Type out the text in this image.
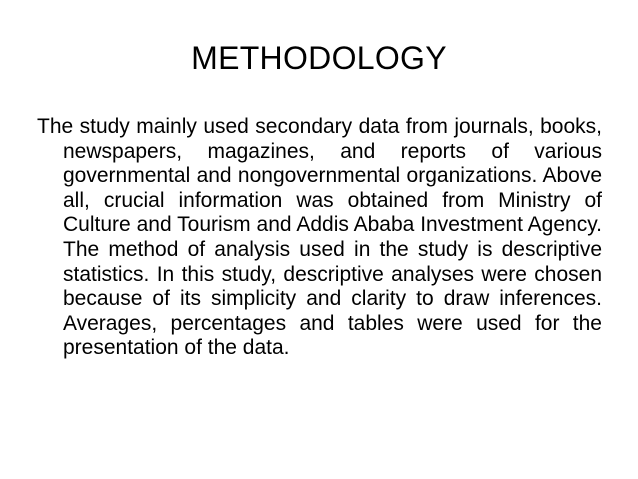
METHODOLOGY

The study mainly used secondary data from journals, books, newspapers, magazines, and reports of various governmental and nongovernmental organizations. Above all, crucial information was obtained from Ministry of Culture and Tourism and Addis Ababa Investment Agency. The method of analysis used in the study is descriptive statistics. In this study, descriptive analyses were chosen because of its simplicity and clarity to draw inferences. Averages, percentages and tables were used for the presentation of the data.
